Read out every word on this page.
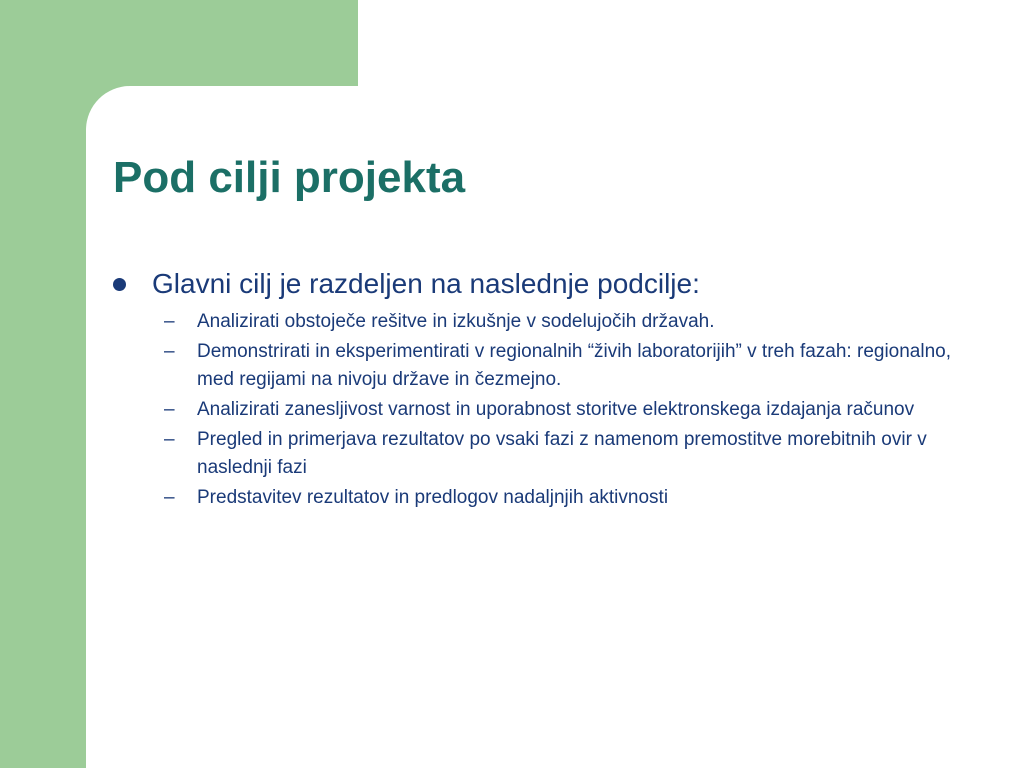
Pod cilji projekta
Glavni cilj je razdeljen na naslednje podcilje:
– Analizirati obstoječe rešitve in izkušnje v sodelujočih državah.
– Demonstrirati in eksperimentirati v regionalnih “živih laboratorijih” v treh fazah: regionalno, med regijami na nivoju države in čezmejno.
– Analizirati zanesljivost varnost in uporabnost storitve elektronskega izdajanja računov
– Pregled in primerjava rezultatov po vsaki fazi z namenom premostitve morebitnih ovir v naslednji fazi
– Predstavitev rezultatov in predlogov nadaljnjih aktivnosti
